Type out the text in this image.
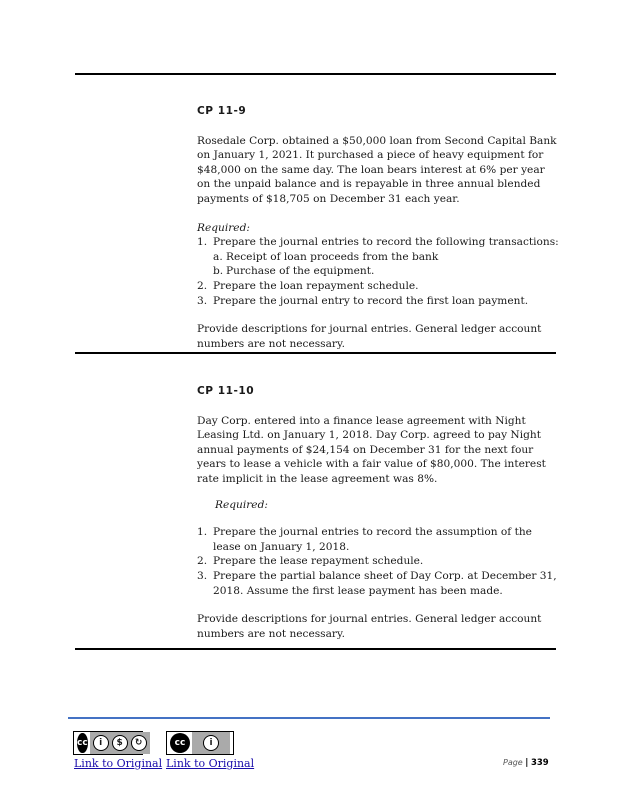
CP 11-9

Rosedale Corp. obtained a $50,000 loan from Second Capital Bank on January 1, 2021. It purchased a piece of heavy equipment for $48,000 on the same day. The loan bears interest at 6% per year on the unpaid balance and is repayable in three annual blended payments of $18,705 on December 31 each year.

Required:

1. Prepare the journal entries to record the following transactions:
a. Receipt of loan proceeds from the bank
b. Purchase of the equipment.
2. Prepare the loan repayment schedule.
3. Prepare the journal entry to record the first loan payment.

Provide descriptions for journal entries. General ledger account numbers are not necessary.

CP 11-10

Day Corp. entered into a finance lease agreement with Night Leasing Ltd. on January 1, 2018. Day Corp. agreed to pay Night annual payments of $24,154 on December 31 for the next four years to lease a vehicle with a fair value of $80,000. The interest rate implicit in the lease agreement was 8%.

Required:

1. Prepare the journal entries to record the assumption of the lease on January 1, 2018.
2. Prepare the lease repayment schedule.
3. Prepare the partial balance sheet of Day Corp. at December 31, 2018. Assume the first lease payment has been made.

Provide descriptions for journal entries. General ledger account numbers are not necessary.

cc	i	$	↻	cc	i
Link to Original Link to Original	Page | 339
